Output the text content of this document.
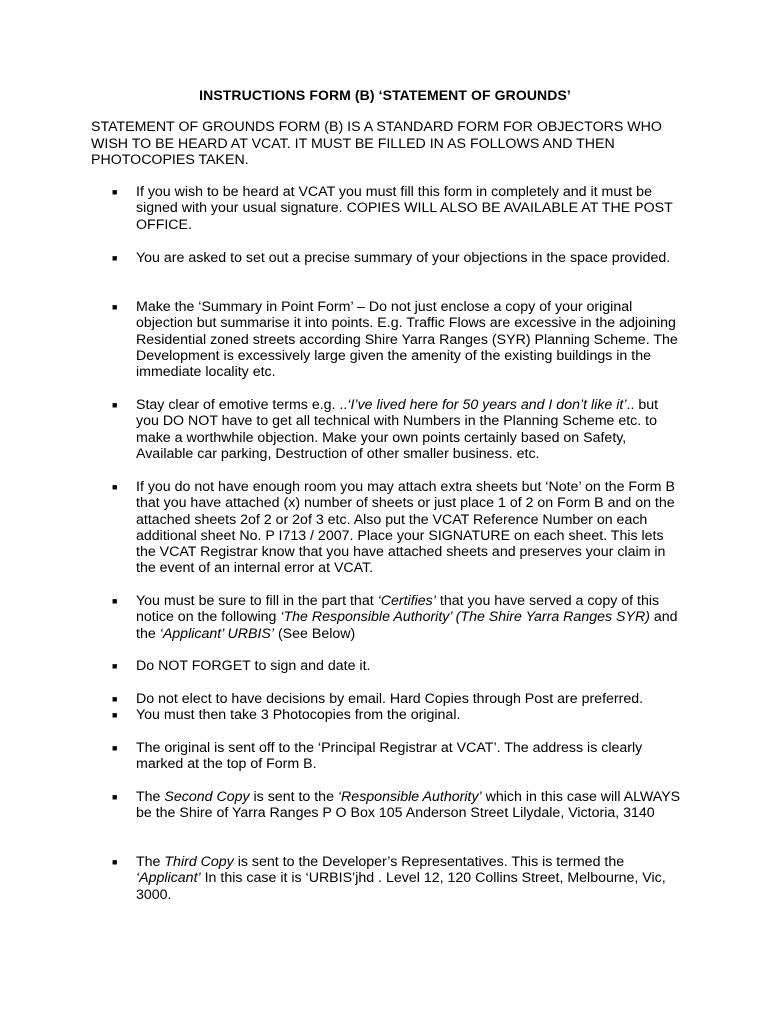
INSTRUCTIONS FORM (B) ‘STATEMENT OF GROUNDS’

STATEMENT OF GROUNDS FORM (B) IS A STANDARD FORM FOR OBJECTORS WHO WISH TO BE HEARD AT VCAT. IT MUST BE FILLED IN AS FOLLOWS AND THEN PHOTOCOPIES TAKEN.

■ If you wish to be heard at VCAT you must fill this form in completely and it must be signed with your usual signature. COPIES WILL ALSO BE AVAILABLE AT THE POST OFFICE.
■ You are asked to set out a precise summary of your objections in the space provided.
■ Make the ‘Summary in Point Form’ – Do not just enclose a copy of your original objection but summarise it into points. E.g. Traffic Flows are excessive in the adjoining Residential zoned streets according Shire Yarra Ranges (SYR) Planning Scheme. The Development is excessively large given the amenity of the existing buildings in the immediate locality etc.
■ Stay clear of emotive terms e.g. ..‘I’ve lived here for 50 years and I don’t like it’.. but you DO NOT have to get all technical with Numbers in the Planning Scheme etc. to make a worthwhile objection. Make your own points certainly based on Safety, Available car parking, Destruction of other smaller business. etc.
■ If you do not have enough room you may attach extra sheets but ‘Note’ on the Form B that you have attached (x) number of sheets or just place 1 of 2 on Form B and on the attached sheets 2of 2 or 2of 3 etc. Also put the VCAT Reference Number on each additional sheet No. P I713 / 2007. Place your SIGNATURE on each sheet. This lets the VCAT Registrar know that you have attached sheets and preserves your claim in the event of an internal error at VCAT.
■ You must be sure to fill in the part that ‘Certifies’ that you have served a copy of this notice on the following ‘The Responsible Authority’ (The Shire Yarra Ranges SYR) and the ‘Applicant’ URBIS’ (See Below)
■ Do NOT FORGET to sign and date it.
■ Do not elect to have decisions by email. Hard Copies through Post are preferred.
■ You must then take 3 Photocopies from the original.
■ The original is sent off to the ‘Principal Registrar at VCAT’. The address is clearly marked at the top of Form B.
■ The Second Copy is sent to the ‘Responsible Authority’ which in this case will ALWAYS be the Shire of Yarra Ranges P O Box 105 Anderson Street Lilydale, Victoria, 3140
■ The Third Copy is sent to the Developer’s Representatives. This is termed the ‘Applicant’ In this case it is ‘URBIS’jhd . Level 12, 120 Collins Street, Melbourne, Vic, 3000.
